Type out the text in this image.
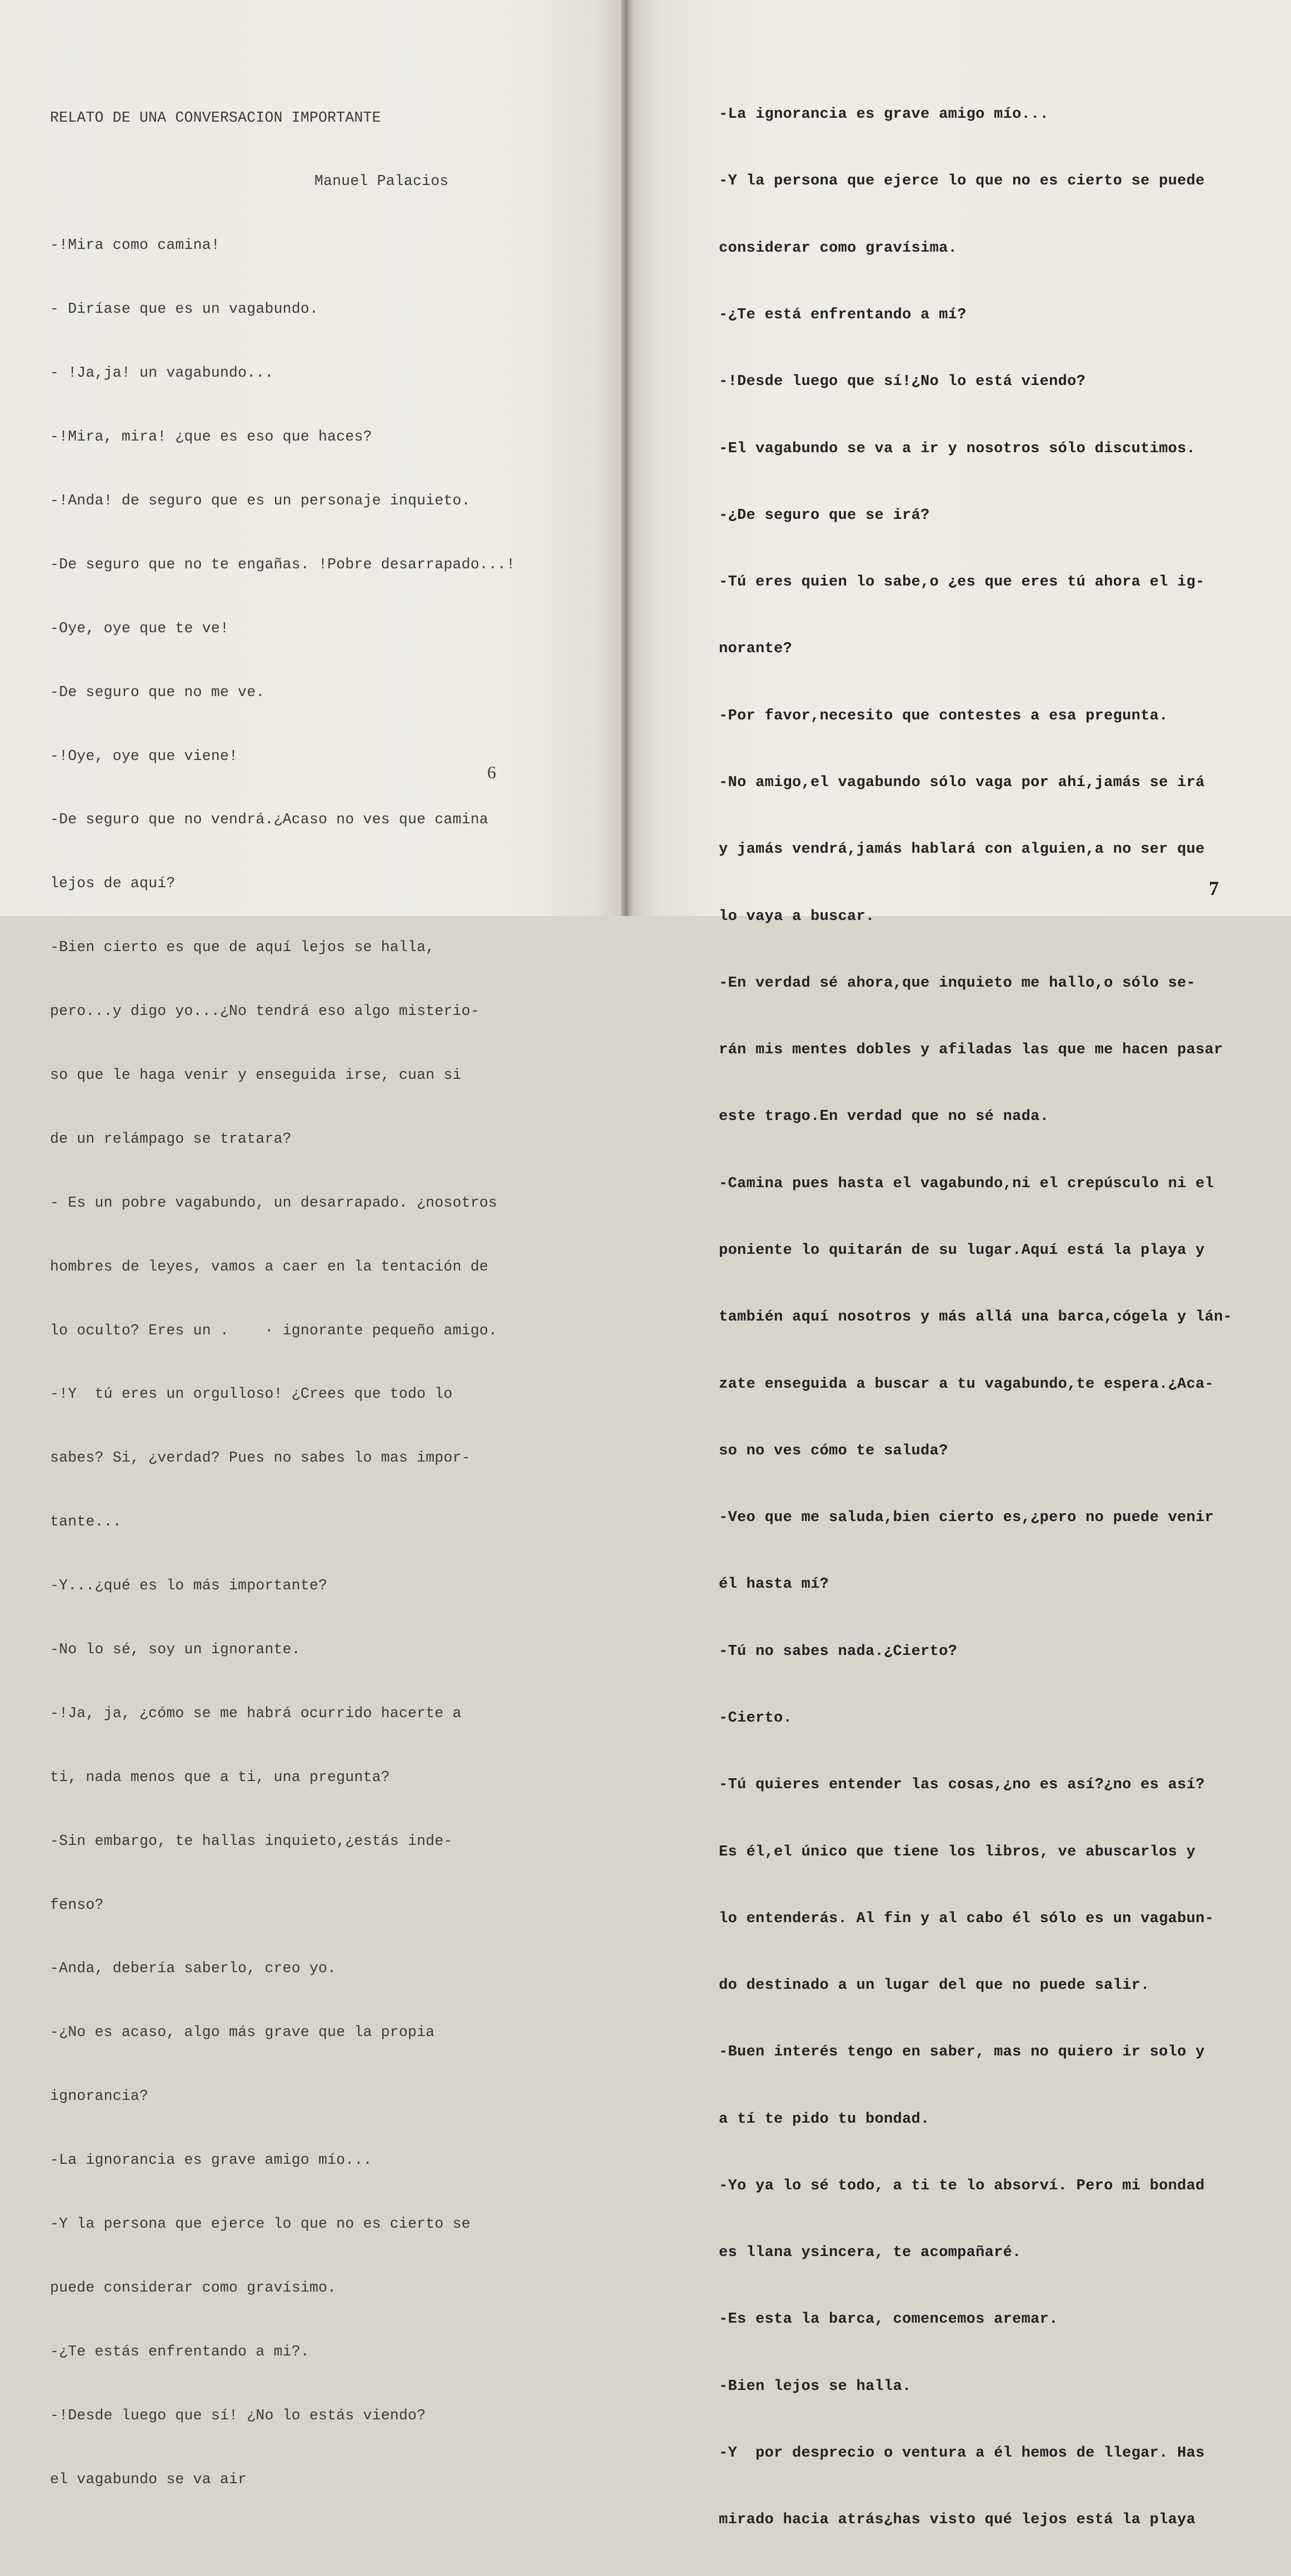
RELATO DE UNA CONVERSACION IMPORTANTE

Manuel Palacios

-!Mira como camina!

- Diríase que es un vagabundo.

- !Ja,ja! un vagabundo...

-!Mira, mira! ¿que es eso que haces?

-!Anda! de seguro que es un personaje inquieto.

-De seguro que no te engañas. !Pobre desarrapado...!

-Oye, oye que te ve!

-De seguro que no me ve.

-!Oye, oye que viene!

-De seguro que no vendrá.¿Acaso no ves que camina

lejos de aquí?

-Bien cierto es que de aquí lejos se halla,

pero...y digo yo...¿No tendrá eso algo misterio-

so que le haga venir y enseguida irse, cuan si

de un relámpago se tratara?

- Es un pobre vagabundo, un desarrapado. ¿nosotros

hombres de leyes, vamos a caer en la tentación de

lo oculto? Eres un .    · ignorante pequeño amigo.

-!Y  tú eres un orgulloso! ¿Crees que todo lo

sabes? Si, ¿verdad? Pues no sabes lo mas impor-

tante...

-Y...¿qué es lo más importante?

-No lo sé, soy un ignorante.

-!Ja, ja, ¿cómo se me habrá ocurrido hacerte a

ti, nada menos que a ti, una pregunta?

-Sin embargo, te hallas inquieto,¿estás inde-

fenso?

-Anda, debería saberlo, creo yo.

-¿No es acaso, algo más grave que la propia

ignorancia?

-La ignorancia es grave amigo mío...

-Y la persona que ejerce lo que no es cierto se

puede considerar como gravísimo.

-¿Te estás enfrentando a mi?.

-!Desde luego que sí! ¿No lo estás viendo?

el vagabundo se va air

6

-La ignorancia es grave amigo mío...

-Y la persona que ejerce lo que no es cierto se puede

considerar como gravísima.

-¿Te está enfrentando a mí?

-!Desde luego que sí!¿No lo está viendo?

-El vagabundo se va a ir y nosotros sólo discutimos.

-¿De seguro que se irá?

-Tú eres quien lo sabe,o ¿es que eres tú ahora el ig-

norante?

-Por favor,necesito que contestes a esa pregunta.

-No amigo,el vagabundo sólo vaga por ahí,jamás se irá

y jamás vendrá,jamás hablará con alguien,a no ser que

lo vaya a buscar.

-En verdad sé ahora,que inquieto me hallo,o sólo se-

rán mis mentes dobles y afiladas las que me hacen pasar

este trago.En verdad que no sé nada.

-Camina pues hasta el vagabundo,ni el crepúsculo ni el

poniente lo quitarán de su lugar.Aquí está la playa y

también aquí nosotros y más allá una barca,cógela y lán-

zate enseguida a buscar a tu vagabundo,te espera.¿Aca-

so no ves cómo te saluda?

-Veo que me saluda,bien cierto es,¿pero no puede venir

él hasta mí?

-Tú no sabes nada.¿Cierto?

-Cierto.

-Tú quieres entender las cosas,¿no es así?¿no es así?

Es él,el único que tiene los libros, ve abuscarlos y

lo entenderás. Al fin y al cabo él sólo es un vagabun-

do destinado a un lugar del que no puede salir.

-Buen interés tengo en saber, mas no quiero ir solo y

a tí te pido tu bondad.

-Yo ya lo sé todo, a ti te lo absorví. Pero mi bondad

es llana ysincera, te acompañaré.

-Es esta la barca, comencemos aremar.

-Bien lejos se halla.

-Y  por desprecio o ventura a él hemos de llegar. Has

mirado hacia atrás¿has visto qué lejos está la playa

7
